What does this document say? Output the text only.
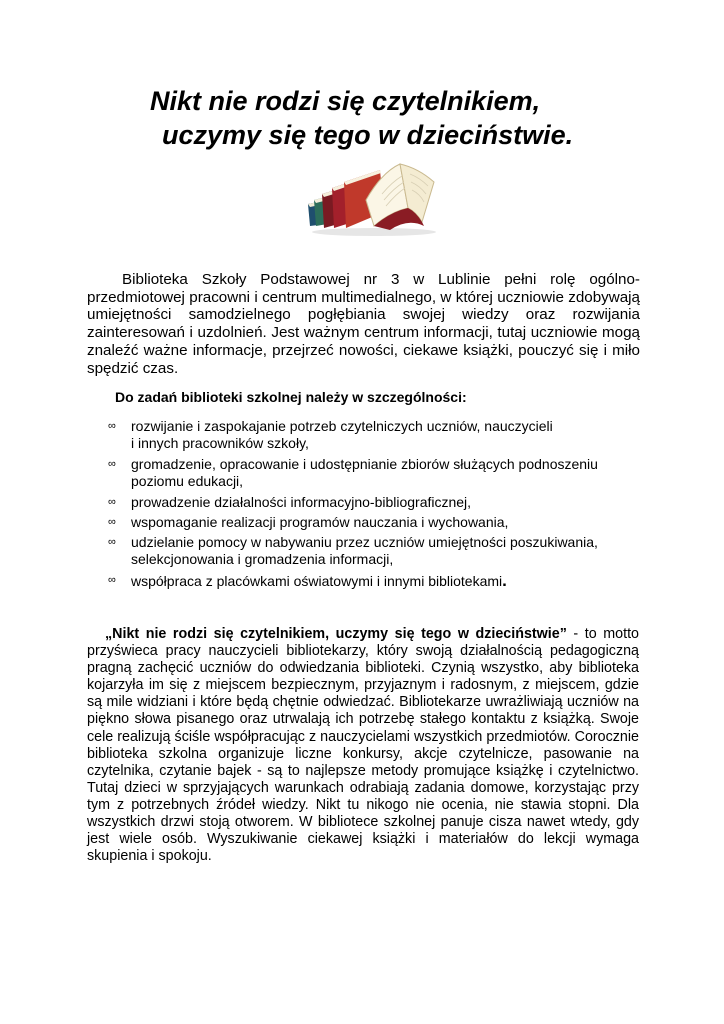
Nikt nie rodzi się czytelnikiem,
uczymy się tego w dzieciństwie.

Biblioteka Szkoły Podstawowej nr 3 w Lublinie pełni rolę ogólno-przedmiotowej pracowni i centrum multimedialnego, w której uczniowie zdobywają umiejętności samodzielnego pogłębiania swojej wiedzy oraz rozwijania zainteresowań i uzdolnień. Jest ważnym centrum informacji, tutaj uczniowie mogą znaleźć ważne informacje, przejrzeć nowości, ciekawe książki, pouczyć się i miło spędzić czas.

Do zadań biblioteki szkolnej należy w szczególności:

∞	rozwijanie i zaspokajanie potrzeb czytelniczych uczniów, nauczycieli
i innych pracowników szkoły,
∞	gromadzenie, opracowanie i udostępnianie zbiorów służących podnoszeniu
poziomu edukacji,
∞	prowadzenie działalności informacyjno-bibliograficznej,
∞	wspomaganie realizacji programów nauczania i wychowania,
∞	udzielanie pomocy w nabywaniu przez uczniów umiejętności poszukiwania,
selekcjonowania i gromadzenia informacji,
∞	współpraca z placówkami oświatowymi i innymi bibliotekami.

„Nikt nie rodzi się czytelnikiem, uczymy się tego w dzieciństwie” - to motto przyświeca pracy nauczycieli bibliotekarzy, który swoją działalnością pedagogiczną pragną zachęcić uczniów do odwiedzania biblioteki. Czynią wszystko, aby biblioteka kojarzyła im się z miejscem bezpiecznym, przyjaznym i radosnym, z miejscem, gdzie są mile widziani i które będą chętnie odwiedzać. Bibliotekarze uwrażliwiają uczniów na piękno słowa pisanego oraz utrwalają ich potrzebę stałego kontaktu z książką. Swoje cele realizują ściśle współpracując z nauczycielami wszystkich przedmiotów. Corocznie biblioteka szkolna organizuje liczne konkursy, akcje czytelnicze, pasowanie na czytelnika, czytanie bajek - są to najlepsze metody promujące książkę i czytelnictwo. Tutaj dzieci w sprzyjających warunkach odrabiają zadania domowe, korzystając przy tym z potrzebnych źródeł wiedzy. Nikt tu nikogo nie ocenia, nie stawia stopni. Dla wszystkich drzwi stoją otworem. W bibliotece szkolnej panuje cisza nawet wtedy, gdy jest wiele osób. Wyszukiwanie ciekawej książki i materiałów do lekcji wymaga skupienia i spokoju.
